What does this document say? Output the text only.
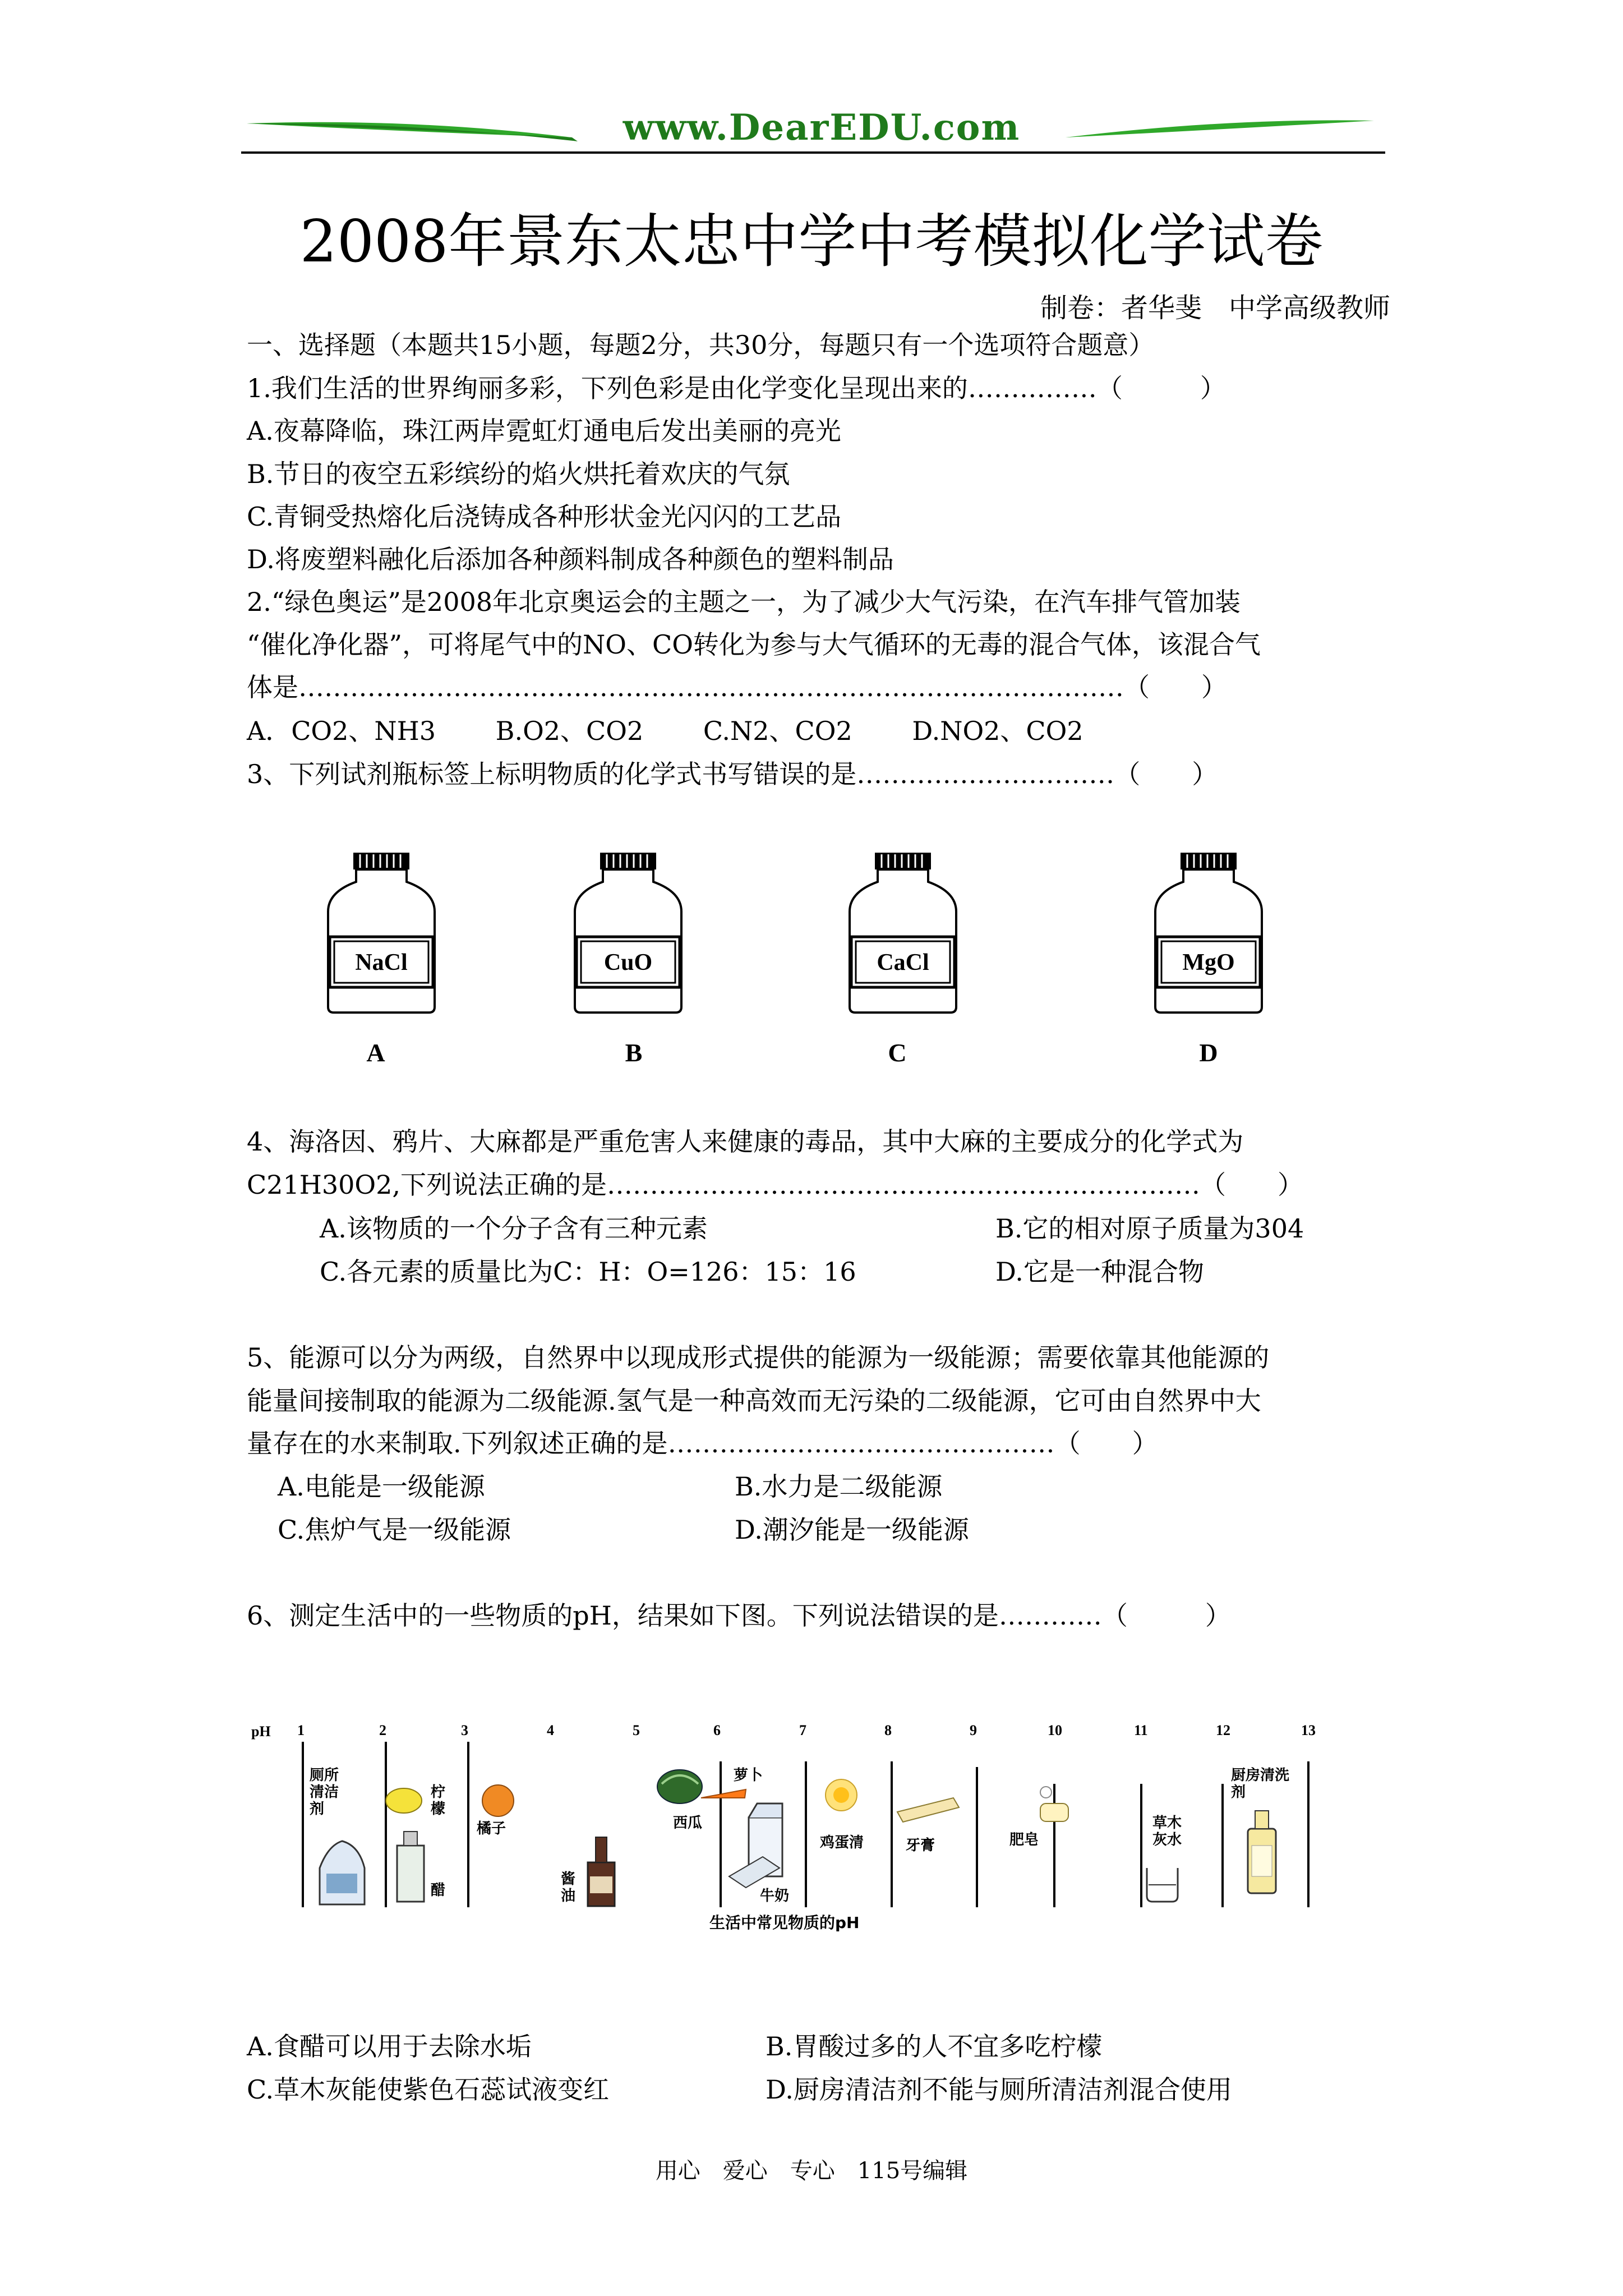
www.DearEDU.com
2008年景东太忠中学中考模拟化学试卷
制卷：者华斐　中学高级教师
一、选择题（本题共15小题，每题2分，共30分，每题只有一个选项符合题意）
1.我们生活的世界绚丽多彩，下列色彩是由化学变化呈现出来的……………（　　　）
A.夜幕降临，珠江两岸霓虹灯通电后发出美丽的亮光
B.节日的夜空五彩缤纷的焰火烘托着欢庆的气氛
C.青铜受热熔化后浇铸成各种形状金光闪闪的工艺品
D.将废塑料融化后添加各种颜料制成各种颜色的塑料制品
2.“绿色奥运”是2008年北京奥运会的主题之一，为了减少大气污染，在汽车排气管加装
“催化净化器”，可将尾气中的NO、CO转化为参与大气循环的无毒的混合气体，该混合气
体是……………………………………………………………………………………（　　）
A．CO2、NH3　　 B.O2、CO2　　 C.N2、CO2　　 D.NO2、CO2
3、下列试剂瓶标签上标明物质的化学式书写错误的是…………………………（　　）
NaCl
A
CuO
B
CaCl
C
MgO
D
4、海洛因、鸦片、大麻都是严重危害人来健康的毒品，其中大麻的主要成分的化学式为
C21H30O2,下列说法正确的是……………………………………………………………（　　）
A.该物质的一个分子含有三种元素	B.它的相对原子质量为304
C.各元素的质量比为C：H：O=126：15：16	D.它是一种混合物
5、能源可以分为两级，自然界中以现成形式提供的能源为一级能源；需要依靠其他能源的
能量间接制取的能源为二级能源.氢气是一种高效而无污染的二级能源，它可由自然界中大
量存在的水来制取.下列叙述正确的是………………………………………（　　）
A.电能是一级能源	B.水力是二级能源
C.焦炉气是一级能源	D.潮汐能是一级能源
6、测定生活中的一些物质的pH，结果如下图。下列说法错误的是…………（　　　）
pH 1	2	3	4	5	6	7	8	9	10	11	12	13
厕所清洁剂
柠檬
醋
橘子
酱油
西瓜
萝卜
牛奶
鸡蛋清	牙膏	肥皂
草木灰水
厨房清洗剂
生活中常见物质的pH
A.食醋可以用于去除水垢	B.胃酸过多的人不宜多吃柠檬
C.草木灰能使紫色石蕊试液变红	D.厨房清洁剂不能与厕所清洁剂混合使用
用心　爱心　专心　115号编辑
